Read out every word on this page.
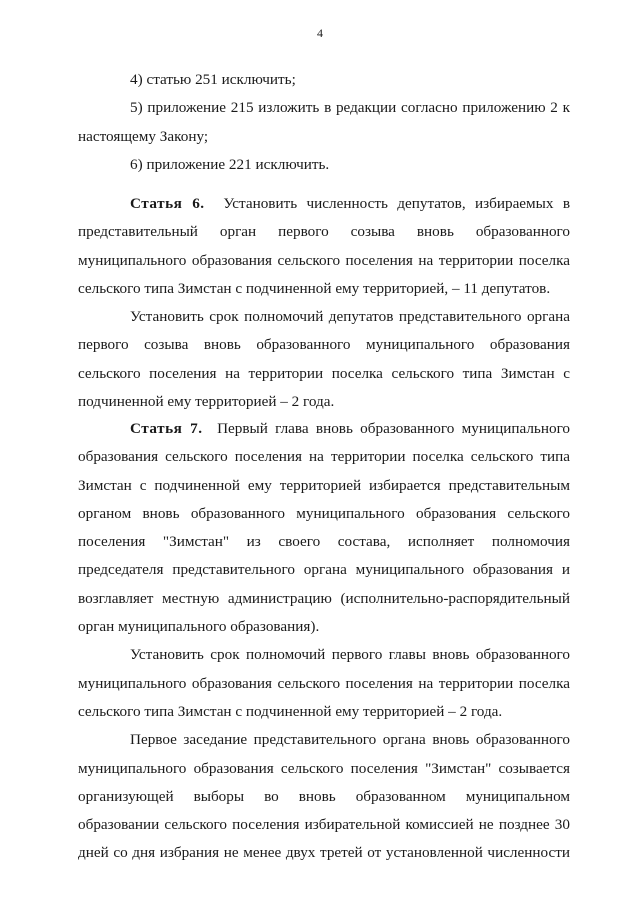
4
4) статью 251 исключить;
5) приложение 215 изложить в редакции согласно приложению 2 к
настоящему Закону;
6) приложение 221 исключить.
Статья 6. Установить численность депутатов, избираемых в
представительный орган первого созыва вновь образованного
муниципального образования сельского поселения на территории поселка
сельского типа Зимстан с подчиненной ему территорией, – 11 депутатов.
Установить срок полномочий депутатов представительного органа
первого созыва вновь образованного муниципального образования
сельского поселения на территории поселка сельского типа Зимстан с
подчиненной ему территорией – 2 года.
Статья 7. Первый глава вновь образованного муниципального
образования сельского поселения на территории поселка сельского типа
Зимстан с подчиненной ему территорией избирается представительным
органом вновь образованного муниципального образования сельского
поселения "Зимстан" из своего состава, исполняет полномочия
председателя представительного органа муниципального образования и
возглавляет местную администрацию (исполнительно-распорядительный
орган муниципального образования).
Установить срок полномочий первого главы вновь образованного
муниципального образования сельского поселения на территории поселка
сельского типа Зимстан с подчиненной ему территорией – 2 года.
Первое заседание представительного органа вновь образованного
муниципального образования сельского поселения "Зимстан" созывается
организующей выборы во вновь образованном муниципальном
образовании сельского поселения избирательной комиссией не позднее 30
дней со дня избрания не менее двух третей от установленной численности
